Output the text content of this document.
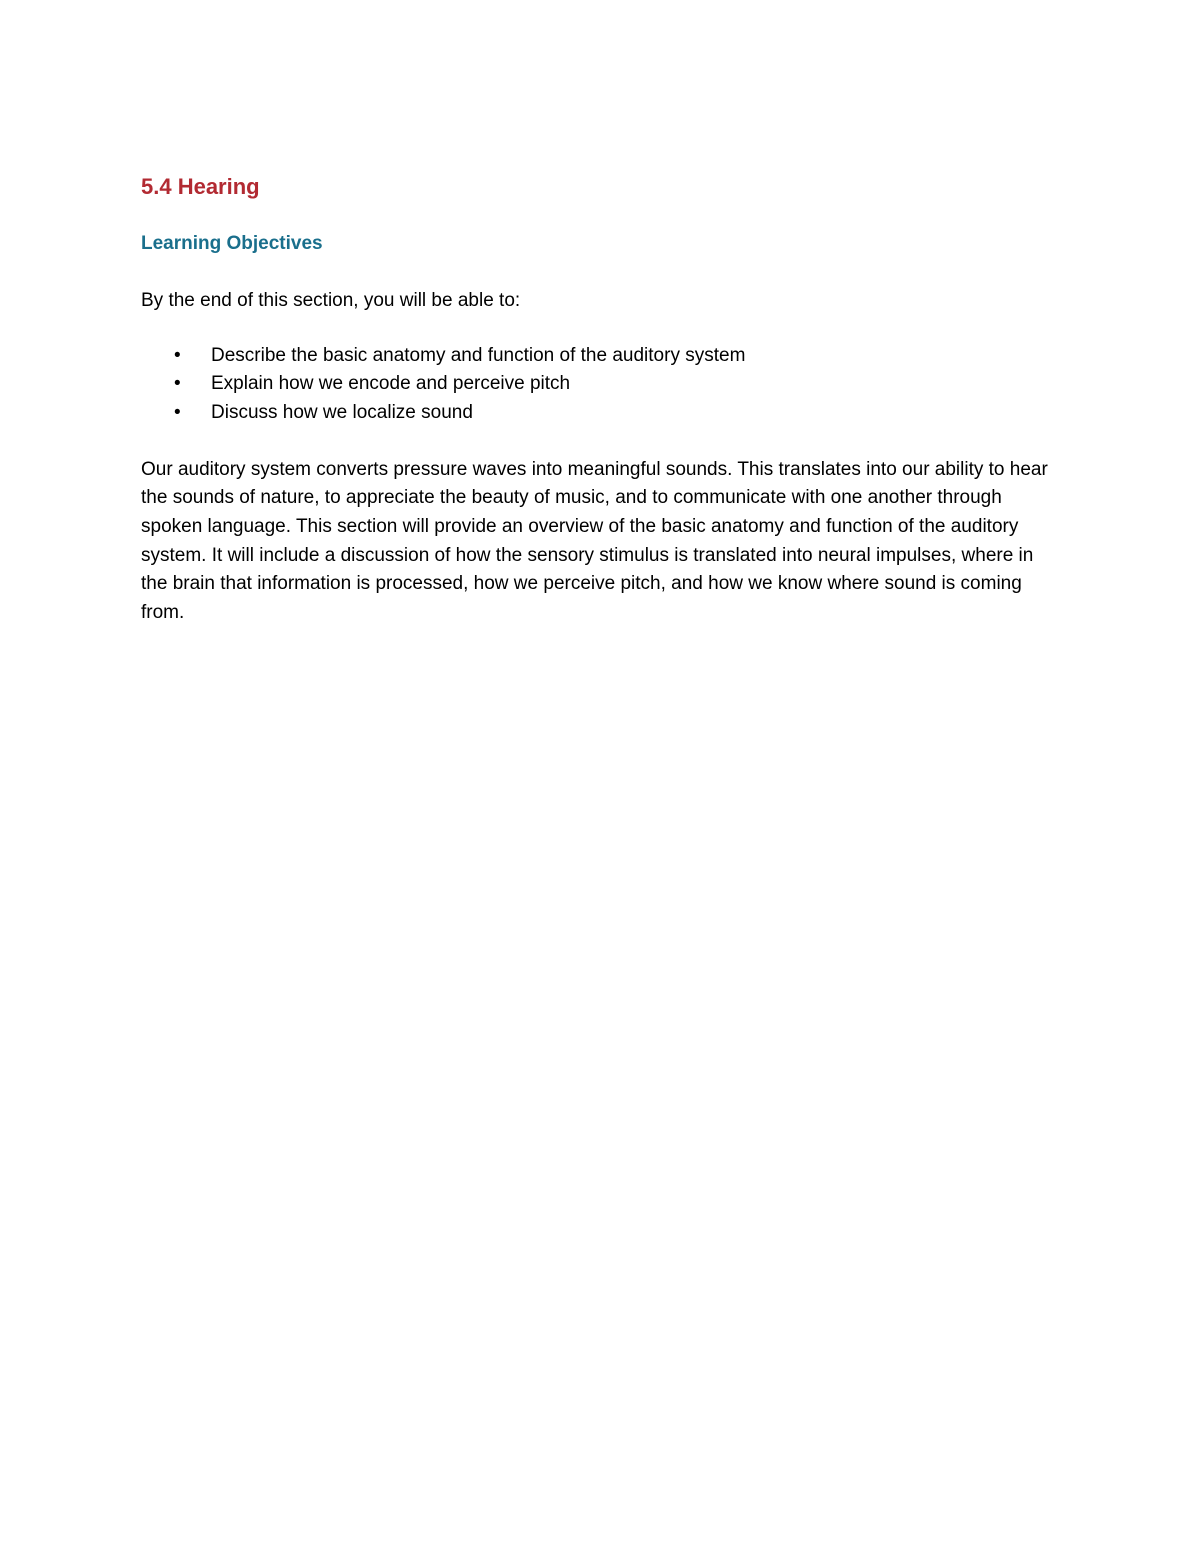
5.4 Hearing
Learning Objectives

By the end of this section, you will be able to:

• Describe the basic anatomy and function of the auditory system
• Explain how we encode and perceive pitch
• Discuss how we localize sound

Our auditory system converts pressure waves into meaningful sounds. This translates into our ability to hear the sounds of nature, to appreciate the beauty of music, and to communicate with one another through spoken language. This section will provide an overview of the basic anatomy and function of the auditory system. It will include a discussion of how the sensory stimulus is translated into neural impulses, where in the brain that information is processed, how we perceive pitch, and how we know where sound is coming from.
